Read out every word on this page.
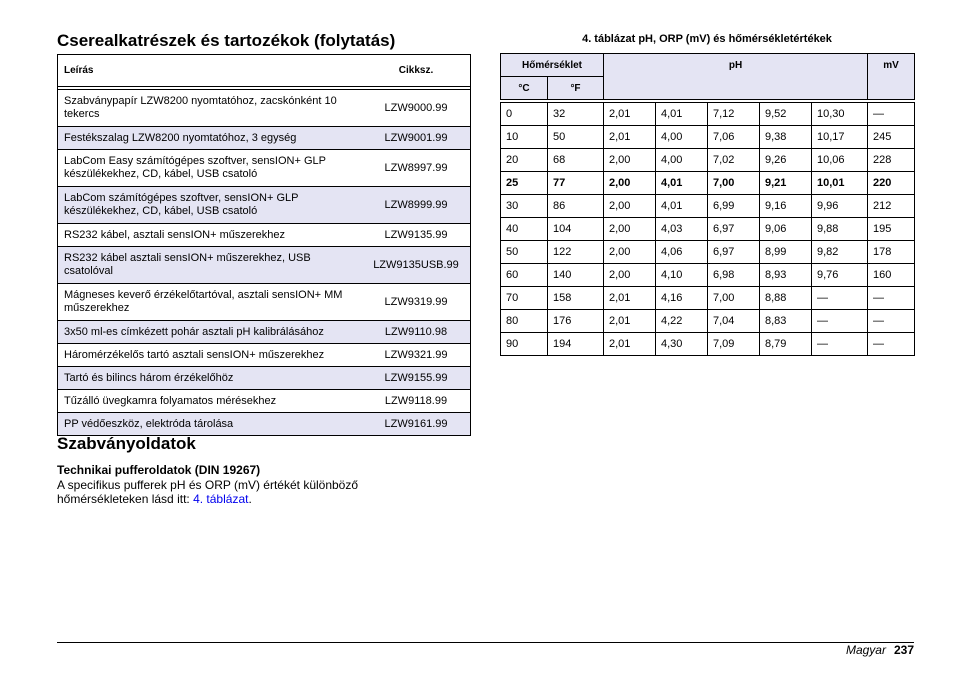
Cserealkatrészek és tartozékok (folytatás)
Leírás	Cikksz.

Szabványpapír LZW8200 nyomtatóhoz, zacskónként 10 tekercs	LZW9000.99
Festékszalag LZW8200 nyomtatóhoz, 3 egység	LZW9001.99
LabCom Easy számítógépes szoftver, sensION+ GLP készülékekhez, CD, kábel, USB csatoló	LZW8997.99
LabCom számítógépes szoftver, sensION+ GLP készülékekhez, CD, kábel, USB csatoló	LZW8999.99
RS232 kábel, asztali sensION+ műszerekhez	LZW9135.99
RS232 kábel asztali sensION+ műszerekhez, USB csatolóval	LZW9135USB.99
Mágneses keverő érzékelőtartóval, asztali sensION+ MM műszerekhez	LZW9319.99
3x50 ml-es címkézett pohár asztali pH kalibrálásához	LZW9110.98
Háromérzékelős tartó asztali sensION+ műszerekhez	LZW9321.99
Tartó és bilincs három érzékelőhöz	LZW9155.99
Tűzálló üvegkamra folyamatos mérésekhez	LZW9118.99
PP védőeszköz, elektróda tárolása	LZW9161.99
Szabványoldatok
Technikai pufferoldatok (DIN 19267)
A specifikus pufferek pH és ORP (mV) értékét különböző hőmérsékleteken lásd itt: 4. táblázat.
4. táblázat pH, ORP (mV) és hőmérsékletértékek
Hőmérséklet		pH					mV
°C	°F						

0	32	2,01	4,01	7,12	9,52	10,30	—
10	50	2,01	4,00	7,06	9,38	10,17	245
20	68	2,00	4,00	7,02	9,26	10,06	228
25	77	2,00	4,01	7,00	9,21	10,01	220
30	86	2,00	4,01	6,99	9,16	9,96	212
40	104	2,00	4,03	6,97	9,06	9,88	195
50	122	2,00	4,06	6,97	8,99	9,82	178
60	140	2,00	4,10	6,98	8,93	9,76	160
70	158	2,01	4,16	7,00	8,88	—	—
80	176	2,01	4,22	7,04	8,83	—	—
90	194	2,01	4,30	7,09	8,79	—	—
Magyar 237
